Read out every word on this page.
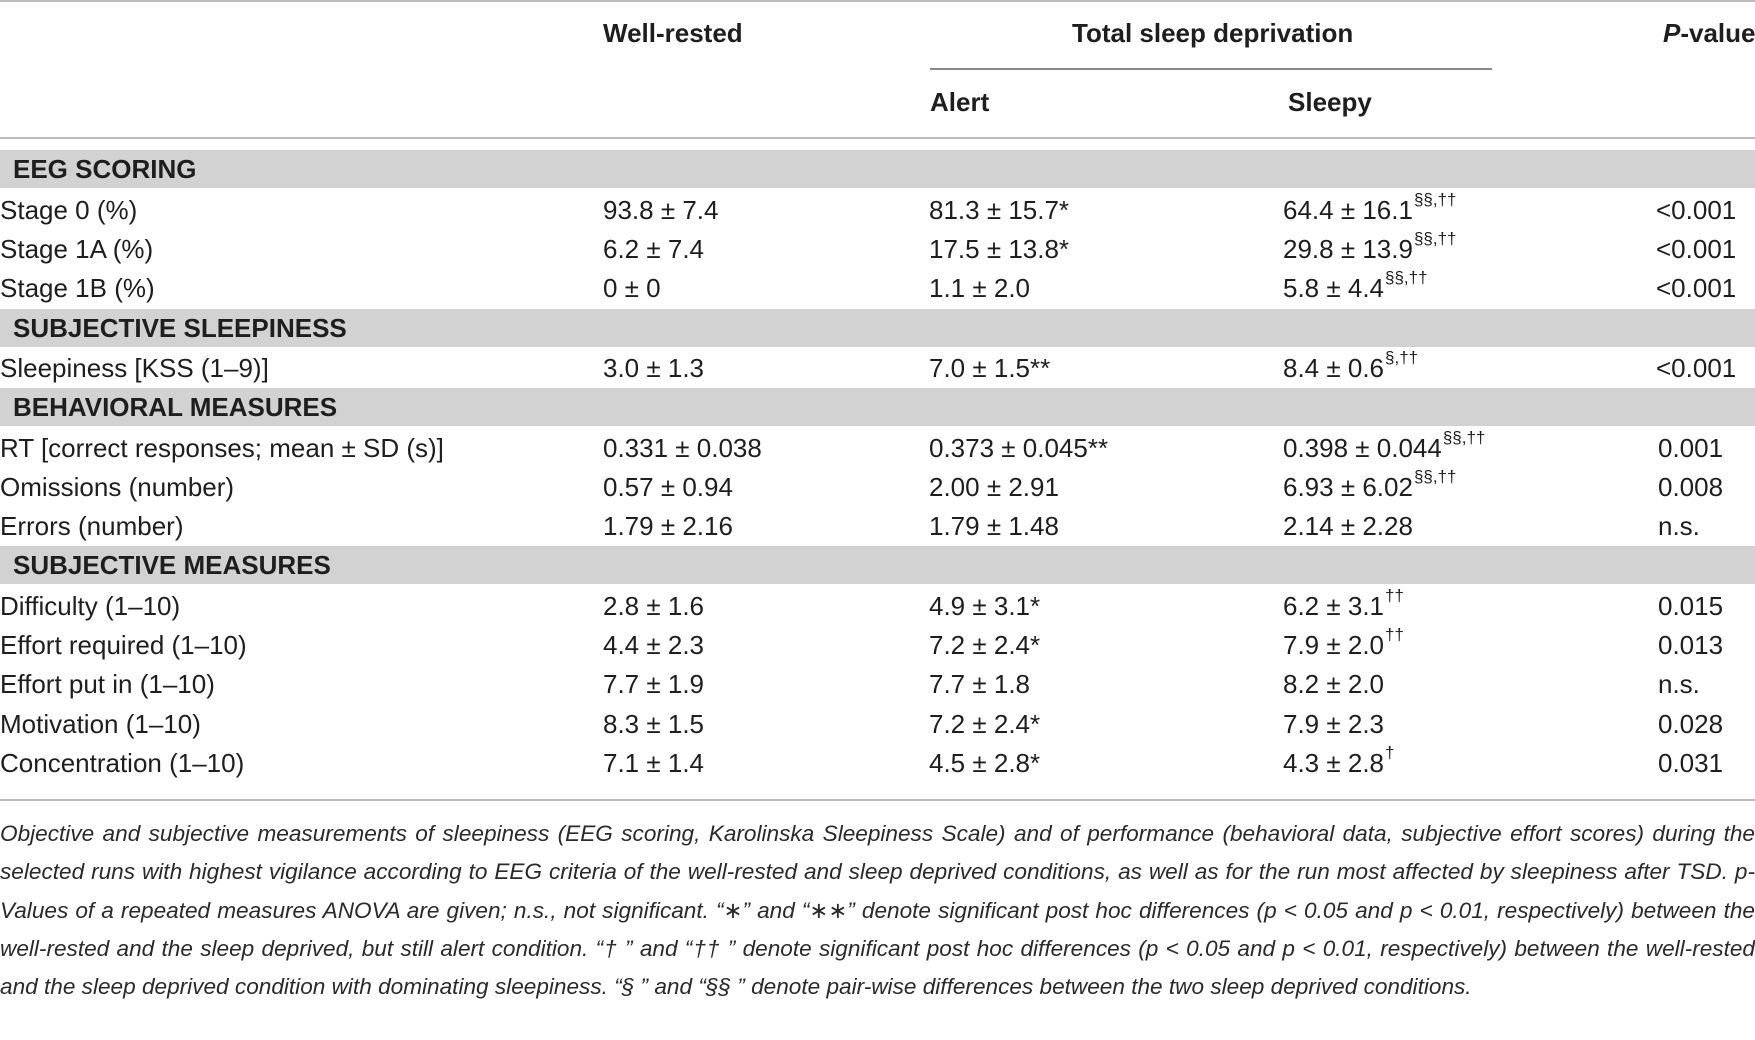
Well-rested	Total sleep deprivation	P-value
Alert	Sleepy
EEG SCORING
Stage 0 (%)	93.8 ± 7.4	81.3 ± 15.7*	64.4 ± 16.1§§,††	<0.001
Stage 1A (%)	6.2 ± 7.4	17.5 ± 13.8*	29.8 ± 13.9§§,††	<0.001
Stage 1B (%)	0 ± 0	1.1 ± 2.0	5.8 ± 4.4§§,††	<0.001
SUBJECTIVE SLEEPINESS
Sleepiness [KSS (1–9)]	3.0 ± 1.3	7.0 ± 1.5**	8.4 ± 0.6§,††	<0.001
BEHAVIORAL MEASURES
RT [correct responses; mean ± SD (s)]	0.331 ± 0.038	0.373 ± 0.045**	0.398 ± 0.044§§,††	0.001
Omissions (number)	0.57 ± 0.94	2.00 ± 2.91	6.93 ± 6.02§§,††	0.008
Errors (number)	1.79 ± 2.16	1.79 ± 1.48	2.14 ± 2.28	n.s.
SUBJECTIVE MEASURES
Difficulty (1–10)	2.8 ± 1.6	4.9 ± 3.1*	6.2 ± 3.1††	0.015
Effort required (1–10)	4.4 ± 2.3	7.2 ± 2.4*	7.9 ± 2.0††	0.013
Effort put in (1–10)	7.7 ± 1.9	7.7 ± 1.8	8.2 ± 2.0	n.s.
Motivation (1–10)	8.3 ± 1.5	7.2 ± 2.4*	7.9 ± 2.3	0.028
Concentration (1–10)	7.1 ± 1.4	4.5 ± 2.8*	4.3 ± 2.8†	0.031
Objective and subjective measurements of sleepiness (EEG scoring, Karolinska Sleepiness Scale) and of performance (behavioral data, subjective effort scores) during the selected runs with highest vigilance according to EEG criteria of the well-rested and sleep deprived conditions, as well as for the run most affected by sleepiness after TSD. p-Values of a repeated measures ANOVA are given; n.s., not significant. “∗” and “∗∗” denote significant post hoc differences (p < 0.05 and p < 0.01, respectively) between the well-rested and the sleep deprived, but still alert condition. “† ” and “†† ” denote significant post hoc differences (p < 0.05 and p < 0.01, respectively) between the well-rested and the sleep deprived condition with dominating sleepiness. “§ ” and “§§ ” denote pair-wise differences between the two sleep deprived conditions.
